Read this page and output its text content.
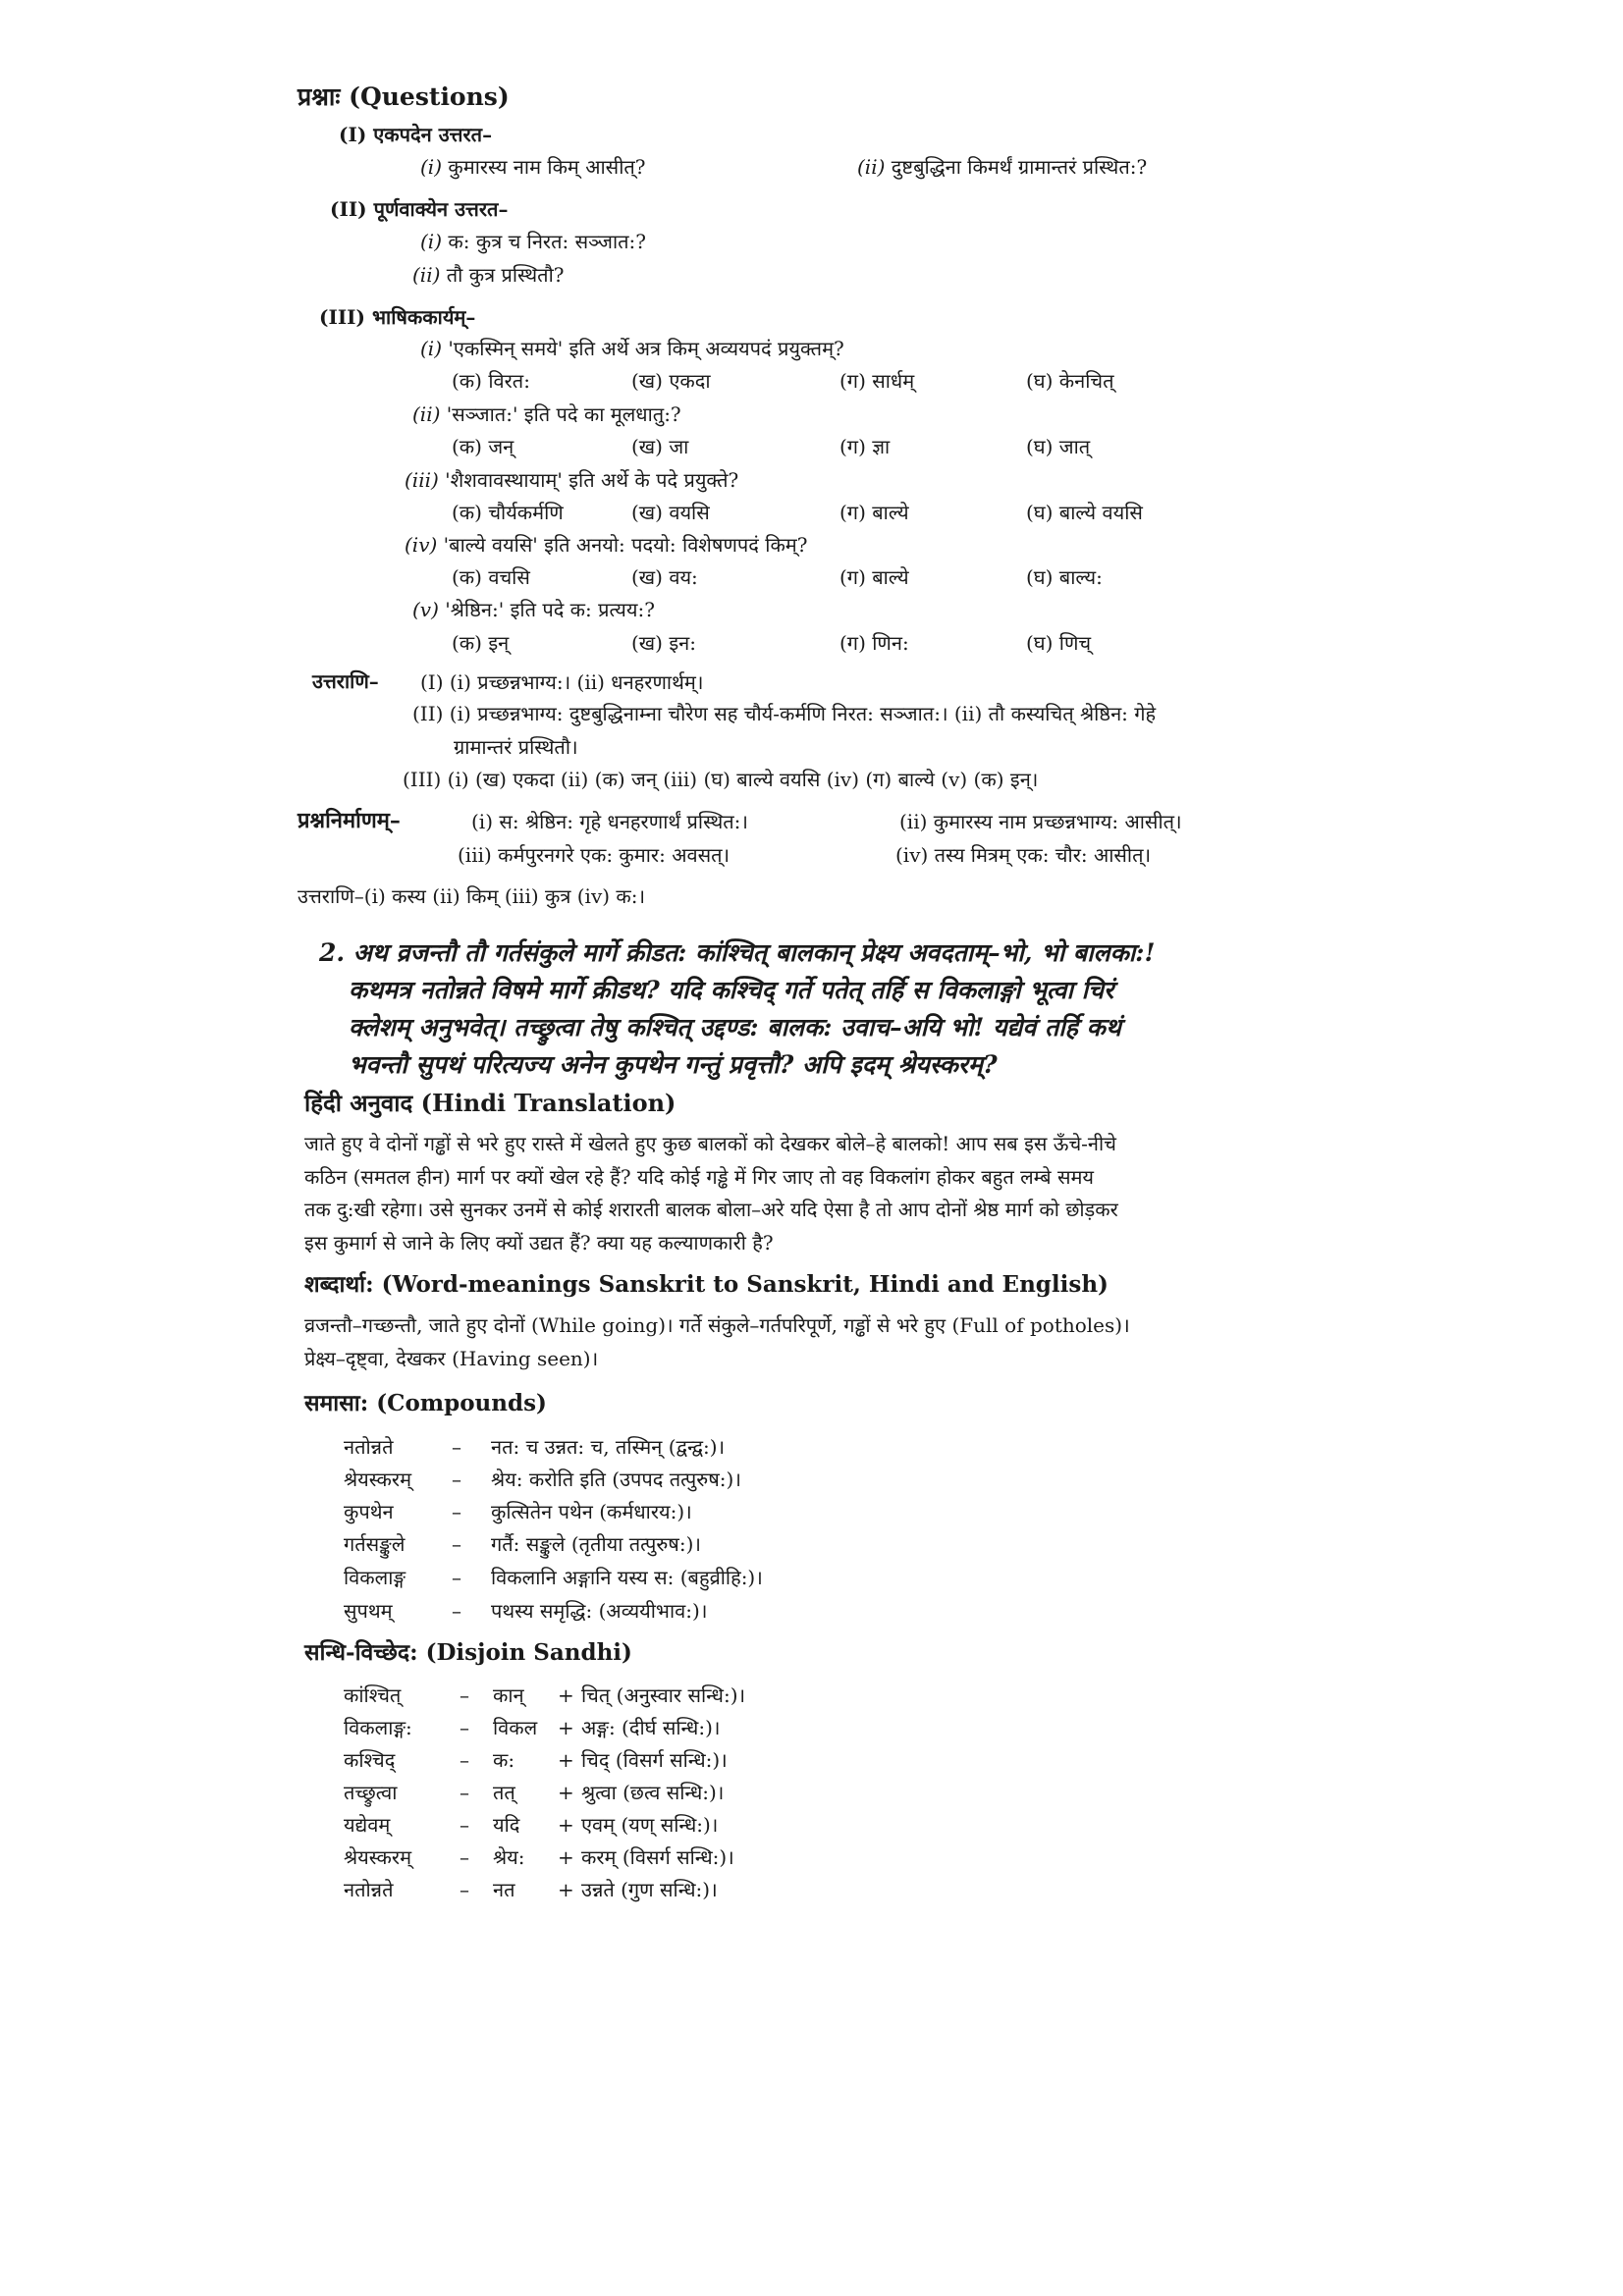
प्रश्नाः (Questions)
(I) एकपदेन उत्तरत–
(i) कुमारस्य नाम किम् आसीत्?	(ii) दुष्टबुद्धिना किमर्थं ग्रामान्तरं प्रस्थित:?
(II) पूर्णवाक्येन उत्तरत–
(i) क: कुत्र च निरत: सञ्जात:?
(ii) तौ कुत्र प्रस्थितौ?
(III) भाषिककार्यम्–
(i) 'एकस्मिन् समये' इति अर्थे अत्र किम् अव्ययपदं प्रयुक्तम्?
(क) विरत:	(ख) एकदा	(ग) सार्धम्	(घ) केनचित्
(ii) 'सञ्जात:' इति पदे का मूलधातु:?
(क) जन्	(ख) जा	(ग) ज्ञा	(घ) जात्
(iii) 'शैशवावस्थायाम्' इति अर्थे के पदे प्रयुक्ते?
(क) चौर्यकर्मणि	(ख) वयसि	(ग) बाल्ये	(घ) बाल्ये वयसि
(iv) 'बाल्ये वयसि' इति अनयो: पदयो: विशेषणपदं किम्?
(क) वचसि	(ख) वय:	(ग) बाल्ये	(घ) बाल्य:
(v) 'श्रेष्ठिन:' इति पदे क: प्रत्यय:?
(क) इन्	(ख) इन:	(ग) णिन:	(घ) णिच्
उत्तराणि– (I) (i) प्रच्छन्नभाग्य:। (ii) धनहरणार्थम्।
(II) (i) प्रच्छन्नभाग्य: दुष्टबुद्धिनाम्ना चौरेण सह चौर्य-कर्मणि निरत: सञ्जात:। (ii) तौ कस्यचित् श्रेष्ठिन: गेहे
ग्रामान्तरं प्रस्थितौ।
(III) (i) (ख) एकदा (ii) (क) जन् (iii) (घ) बाल्ये वयसि (iv) (ग) बाल्ये (v) (क) इन्।
प्रश्ननिर्माणम्–	(i) स: श्रेष्ठिन: गृहे धनहरणार्थं प्रस्थित:।	(ii) कुमारस्य नाम प्रच्छन्नभाग्य: आसीत्।
(iii) कर्मपुरनगरे एक: कुमार: अवसत्।	(iv) तस्य मित्रम् एक: चौर: आसीत्।
उत्तराणि–(i) कस्य (ii) किम् (iii) कुत्र (iv) क:।
2. अथ व्रजन्तौ तौ गर्तसंकुले मार्गे क्रीडत: कांश्चित् बालकान् प्रेक्ष्य अवदताम्–भो, भो बालका:!
कथमत्र नतोन्नते विषमे मार्गे क्रीडथ? यदि कश्चिद् गर्ते पतेत् तर्हि स विकलाङ्गो भूत्वा चिरं
क्लेशम् अनुभवेत्। तच्छ्रुत्वा तेषु कश्चित् उद्दण्ड: बालक: उवाच–अयि भो! यद्येवं तर्हि कथं
भवन्तौ सुपथं परित्यज्य अनेन कुपथेन गन्तुं प्रवृत्तौ? अपि इदम् श्रेयस्करम्?
हिंदी अनुवाद (Hindi Translation)
जाते हुए वे दोनों गड्ढों से भरे हुए रास्ते में खेलते हुए कुछ बालकों को देखकर बोले–हे बालको! आप सब इस ऊँचे-नीचे
कठिन (समतल हीन) मार्ग पर क्यों खेल रहे हैं? यदि कोई गड्ढे में गिर जाए तो वह विकलांग होकर बहुत लम्बे समय
तक दु:खी रहेगा। उसे सुनकर उनमें से कोई शरारती बालक बोला–अरे यदि ऐसा है तो आप दोनों श्रेष्ठ मार्ग को छोड़कर
इस कुमार्ग से जाने के लिए क्यों उद्यत हैं? क्या यह कल्याणकारी है?
शब्दार्था: (Word-meanings Sanskrit to Sanskrit, Hindi and English)
व्रजन्तौ–गच्छन्तौ, जाते हुए दोनों (While going)। गर्ते संकुले–गर्तपरिपूर्णे, गड्ढों से भरे हुए (Full of potholes)।
प्रेक्ष्य–दृष्ट्वा, देखकर (Having seen)।
समासा: (Compounds)
नतोन्नते	– नत: च उन्नत: च, तस्मिन् (द्वन्द्व:)।
श्रेयस्करम् – श्रेय: करोति इति (उपपद तत्पुरुष:)।
कुपथेन	– कुत्सितेन पथेन (कर्मधारय:)।
गर्तसङ्कुले – गर्तै: सङ्कुले (तृतीया तत्पुरुष:)।
विकलाङ्ग – विकलानि अङ्गानि यस्य स: (बहुव्रीहि:)।
सुपथम्	– पथस्य समृद्धि: (अव्ययीभाव:)।
सन्धि-विच्छेद: (Disjoin Sandhi)
कांश्चित्	– कान् + चित् (अनुस्वार सन्धि:)।
विकलाङ्ग: – विकल + अङ्ग: (दीर्घ सन्धि:)।
कश्चिद्	– क: + चिद् (विसर्ग सन्धि:)।
तच्छ्रुत्वा	– तत् + श्रुत्वा (छत्व सन्धि:)।
यद्येवम्	– यदि + एवम् (यण् सन्धि:)।
श्रेयस्करम् – श्रेय: + करम् (विसर्ग सन्धि:)।
नतोन्नते	– नत + उन्नते (गुण सन्धि:)।
